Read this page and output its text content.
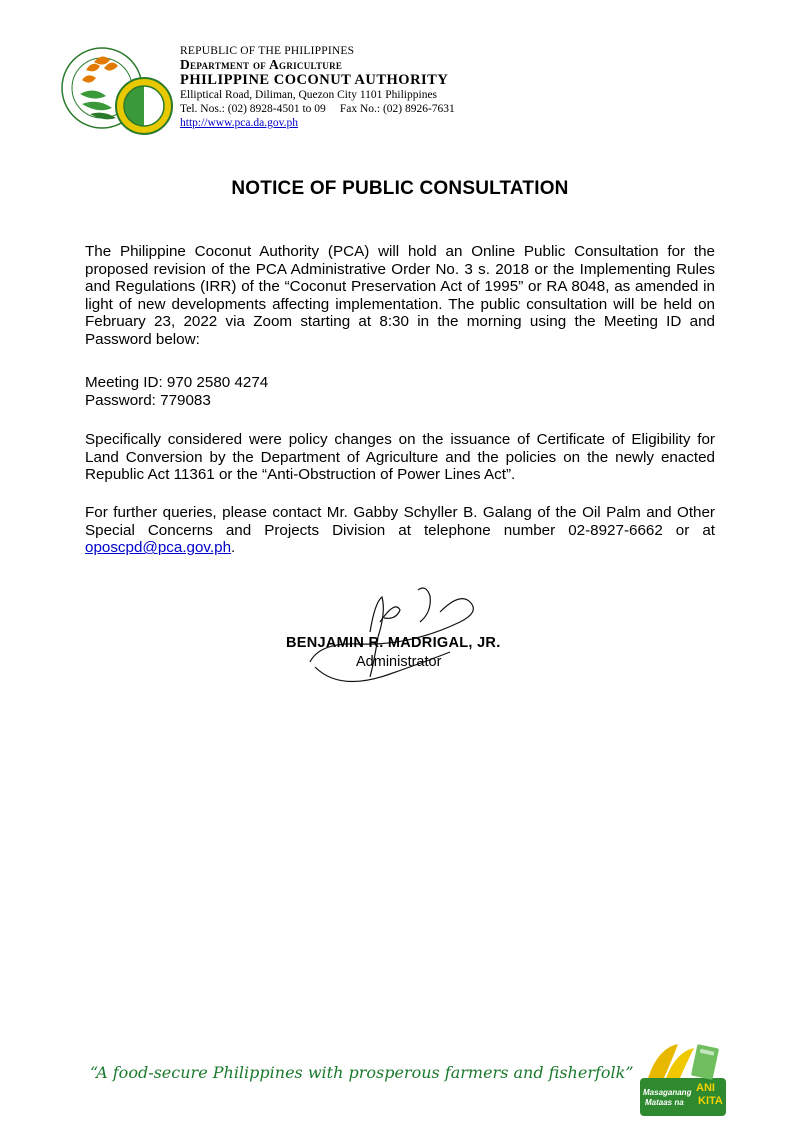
REPUBLIC OF THE PHILIPPINES
Department of Agriculture
PHILIPPINE COCONUT AUTHORITY
Elliptical Road, Diliman, Quezon City 1101 Philippines
Tel. Nos.: (02) 8928-4501 to 09 Fax No.: (02) 8926-7631
http://www.pca.da.gov.ph
NOTICE OF PUBLIC CONSULTATION
The Philippine Coconut Authority (PCA) will hold an Online Public Consultation for the proposed revision of the PCA Administrative Order No. 3 s. 2018 or the Implementing Rules and Regulations (IRR) of the “Coconut Preservation Act of 1995” or RA 8048, as amended in light of new developments affecting implementation. The public consultation will be held on February 23, 2022 via Zoom starting at 8:30 in the morning using the Meeting ID and Password below:
Meeting ID: 970 2580 4274
Password: 779083
Specifically considered were policy changes on the issuance of Certificate of Eligibility for Land Conversion by the Department of Agriculture and the policies on the newly enacted Republic Act 11361 or the “Anti-Obstruction of Power Lines Act”.
For further queries, please contact Mr. Gabby Schyller B. Galang of the Oil Palm and Other Special Concerns and Projects Division at telephone number 02-8927-6662 or at oposcpd@pca.gov.ph.
BENJAMIN R. MADRIGAL, JR.
Administrator
“A food-secure Philippines with prosperous farmers and fisherfolk”
Masaganang ANI
Mataas na KITA
